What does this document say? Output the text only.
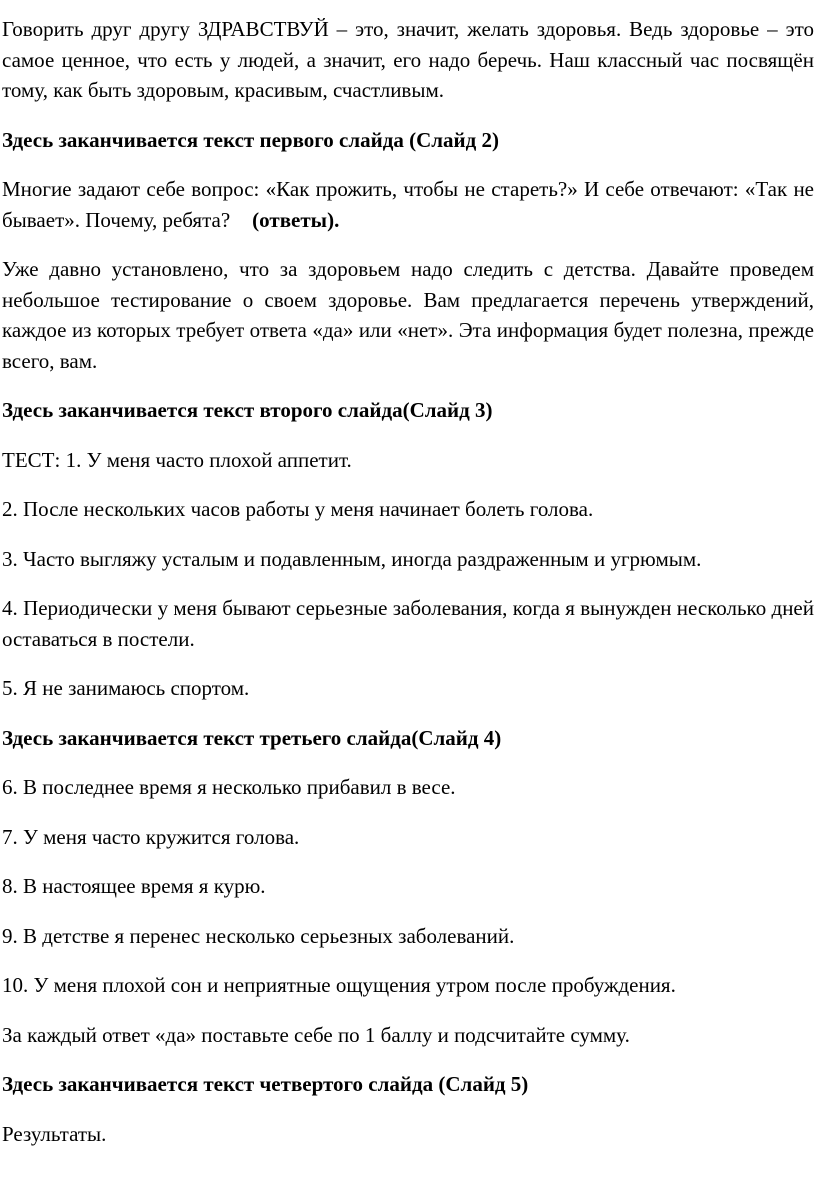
Говорить друг другу ЗДРАВСТВУЙ – это, значит, желать здоровья. Ведь здоровье – это самое ценное, что есть у людей, а значит, его надо беречь. Наш классный час посвящён тому, как быть здоровым, красивым, счастливым.

Здесь заканчивается текст первого слайда (Слайд 2)

Многие задают себе вопрос: «Как прожить, чтобы не стареть?» И себе отвечают: «Так не бывает». Почему, ребята? (ответы).

Уже давно установлено, что за здоровьем надо следить с детства. Давайте проведем небольшое тестирование о своем здоровье. Вам предлагается перечень утверждений, каждое из которых требует ответа «да» или «нет». Эта информация будет полезна, прежде всего, вам.

Здесь заканчивается текст второго слайда(Слайд 3)

ТЕСТ: 1. У меня часто плохой аппетит.

2. После нескольких часов работы у меня начинает болеть голова.

3. Часто выгляжу усталым и подавленным, иногда раздраженным и угрюмым.

4. Периодически у меня бывают серьезные заболевания, когда я вынужден несколько дней оставаться в постели.

5. Я не занимаюсь спортом.

Здесь заканчивается текст третьего слайда(Слайд 4)

6. В последнее время я несколько прибавил в весе.

7. У меня часто кружится голова.

8. В настоящее время я курю.

9. В детстве я перенес несколько серьезных заболеваний.

10. У меня плохой сон и неприятные ощущения утром после пробуждения.

За каждый ответ «да» поставьте себе по 1 баллу и подсчитайте сумму.

Здесь заканчивается текст четвертого слайда (Слайд 5)

Результаты.
